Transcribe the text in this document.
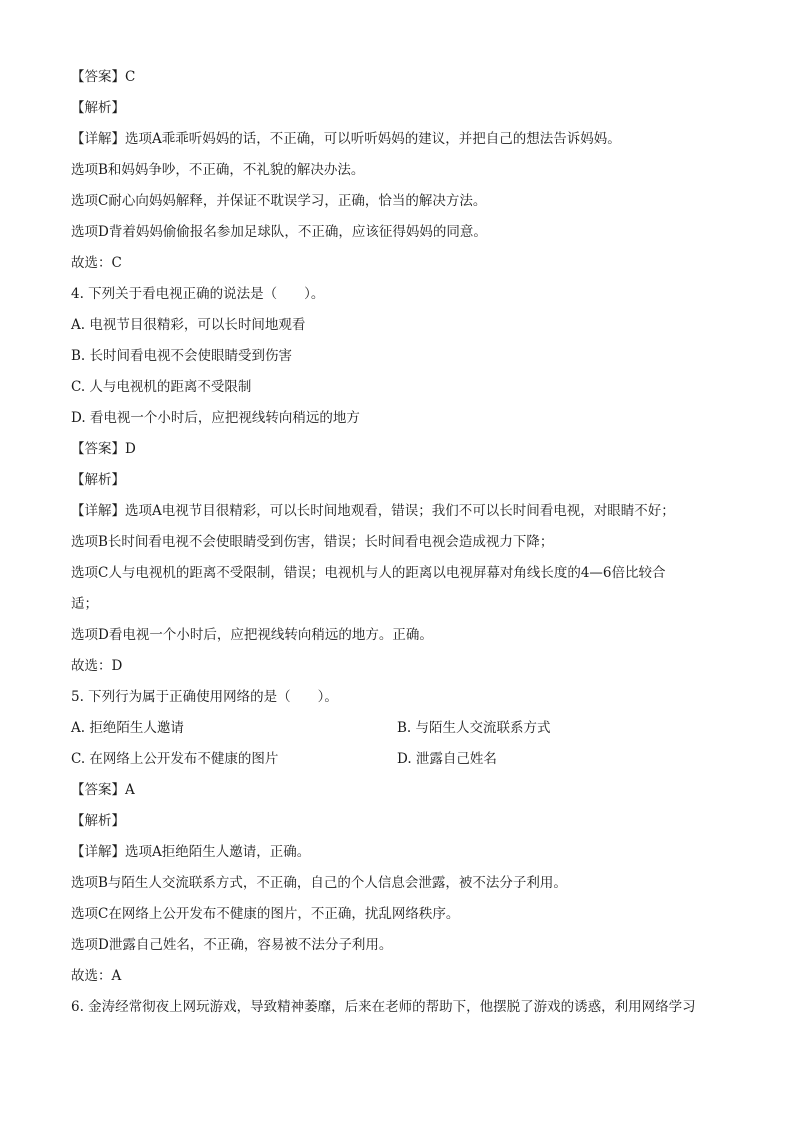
【答案】C
【解析】
【详解】选项A乖乖听妈妈的话，不正确，可以听听妈妈的建议，并把自己的想法告诉妈妈。
选项B和妈妈争吵，不正确，不礼貌的解决办法。
选项C耐心向妈妈解释，并保证不耽误学习，正确，恰当的解决方法。
选项D背着妈妈偷偷报名参加足球队，不正确，应该征得妈妈的同意。
故选：C
4. 下列关于看电视正确的说法是（　　）。
A. 电视节目很精彩，可以长时间地观看
B. 长时间看电视不会使眼睛受到伤害
C. 人与电视机的距离不受限制
D. 看电视一个小时后，应把视线转向稍远的地方
【答案】D
【解析】
【详解】选项A电视节目很精彩，可以长时间地观看，错误；我们不可以长时间看电视，对眼睛不好；
选项B长时间看电视不会使眼睛受到伤害，错误；长时间看电视会造成视力下降；
选项C人与电视机的距离不受限制，错误；电视机与人的距离以电视屏幕对角线长度的4—6倍比较合
适；
选项D看电视一个小时后，应把视线转向稍远的地方。正确。
故选：D
5. 下列行为属于正确使用网络的是（　　）。
A. 拒绝陌生人邀请	B. 与陌生人交流联系方式
C. 在网络上公开发布不健康的图片	D. 泄露自己姓名
【答案】A
【解析】
【详解】选项A拒绝陌生人邀请，正确。
选项B与陌生人交流联系方式，不正确，自己的个人信息会泄露，被不法分子利用。
选项C在网络上公开发布不健康的图片，不正确，扰乱网络秩序。
选项D泄露自己姓名，不正确，容易被不法分子利用。
故选：A
6. 金涛经常彻夜上网玩游戏，导致精神萎靡，后来在老师的帮助下，他摆脱了游戏的诱惑，利用网络学习
